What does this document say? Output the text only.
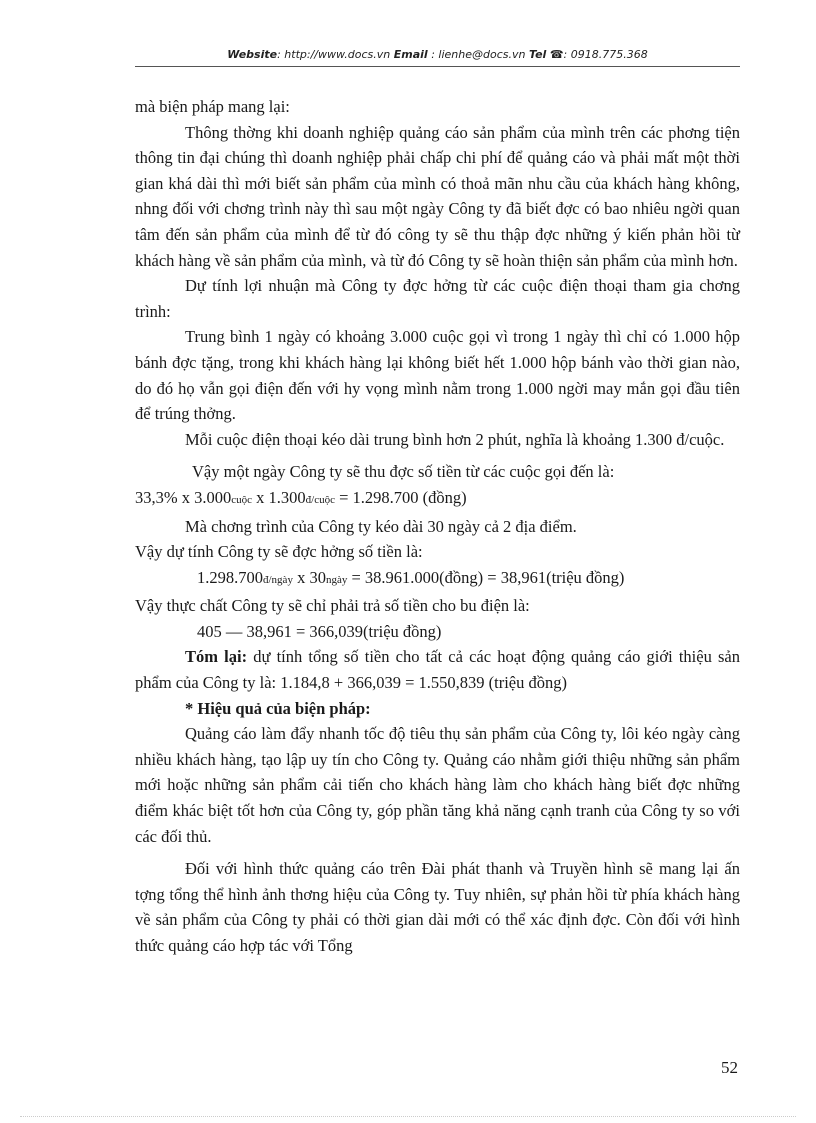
Website: http://www.docs.vn Email : lienhe@docs.vn Tel ☎: 0918.775.368

mà biện pháp mang lại:

Thông thờng khi doanh nghiệp quảng cáo sản phẩm của mình trên các phơng tiện thông tin đại chúng thì doanh nghiệp phải chấp chi phí để quảng cáo và phải mất một thời gian khá dài thì mới biết sản phẩm của mình có thoả mãn nhu cầu của khách hàng không, nhng đối với chơng trình này thì sau một ngày Công ty đã biết đợc có bao nhiêu ngời quan tâm đến sản phẩm của mình để từ đó công ty sẽ thu thập đợc những ý kiến phản hồi từ khách hàng về sản phẩm của mình, và từ đó Công ty sẽ hoàn thiện sản phẩm của mình hơn.

Dự tính lợi nhuận mà Công ty đợc hởng từ các cuộc điện thoại tham gia chơng trình:

Trung bình 1 ngày có khoảng 3.000 cuộc gọi vì trong 1 ngày thì chỉ có 1.000 hộp bánh đợc tặng, trong khi khách hàng lại không biết hết 1.000 hộp bánh vào thời gian nào, do đó họ vẫn gọi điện đến với hy vọng mình nằm trong 1.000 ngời may mắn gọi đầu tiên để trúng thởng.

Mỗi cuộc điện thoại kéo dài trung bình hơn 2 phút, nghĩa là khoảng 1.300 đ/cuộc.

Vậy một ngày Công ty sẽ thu đợc số tiền từ các cuộc gọi đến là:

33,3% x 3.000cuộc x 1.300đ/cuộc = 1.298.700 (đồng)

Mà chơng trình của Công ty kéo dài 30 ngày cả 2 địa điểm.

Vậy dự tính Công ty sẽ đợc hởng số tiền là:

1.298.700đ/ngày x 30ngày = 38.961.000(đồng) = 38,961(triệu đồng)

Vậy thực chất Công ty sẽ chỉ phải trả số tiền cho bu điện là:

405 — 38,961 = 366,039(triệu đồng)

Tóm lại: dự tính tổng số tiền cho tất cả các hoạt động quảng cáo giới thiệu sản phẩm của Công ty là: 1.184,8 + 366,039 = 1.550,839 (triệu đồng)

* Hiệu quả của biện pháp:

Quảng cáo làm đẩy nhanh tốc độ tiêu thụ sản phẩm của Công ty, lôi kéo ngày càng nhiều khách hàng, tạo lập uy tín cho Công ty. Quảng cáo nhằm giới thiệu những sản phẩm mới hoặc những sản phẩm cải tiến cho khách hàng làm cho khách hàng biết đợc những điểm khác biệt tốt hơn của Công ty, góp phần tăng khả năng cạnh tranh của Công ty so với các đối thủ.

Đối với hình thức quảng cáo trên Đài phát thanh và Truyền hình sẽ mang lại ấn tợng tổng thể hình ảnh thơng hiệu của Công ty. Tuy nhiên, sự phản hồi từ phía khách hàng về sản phẩm của Công ty phải có thời gian dài mới có thể xác định đợc. Còn đối với hình thức quảng cáo hợp tác với Tổng

52
